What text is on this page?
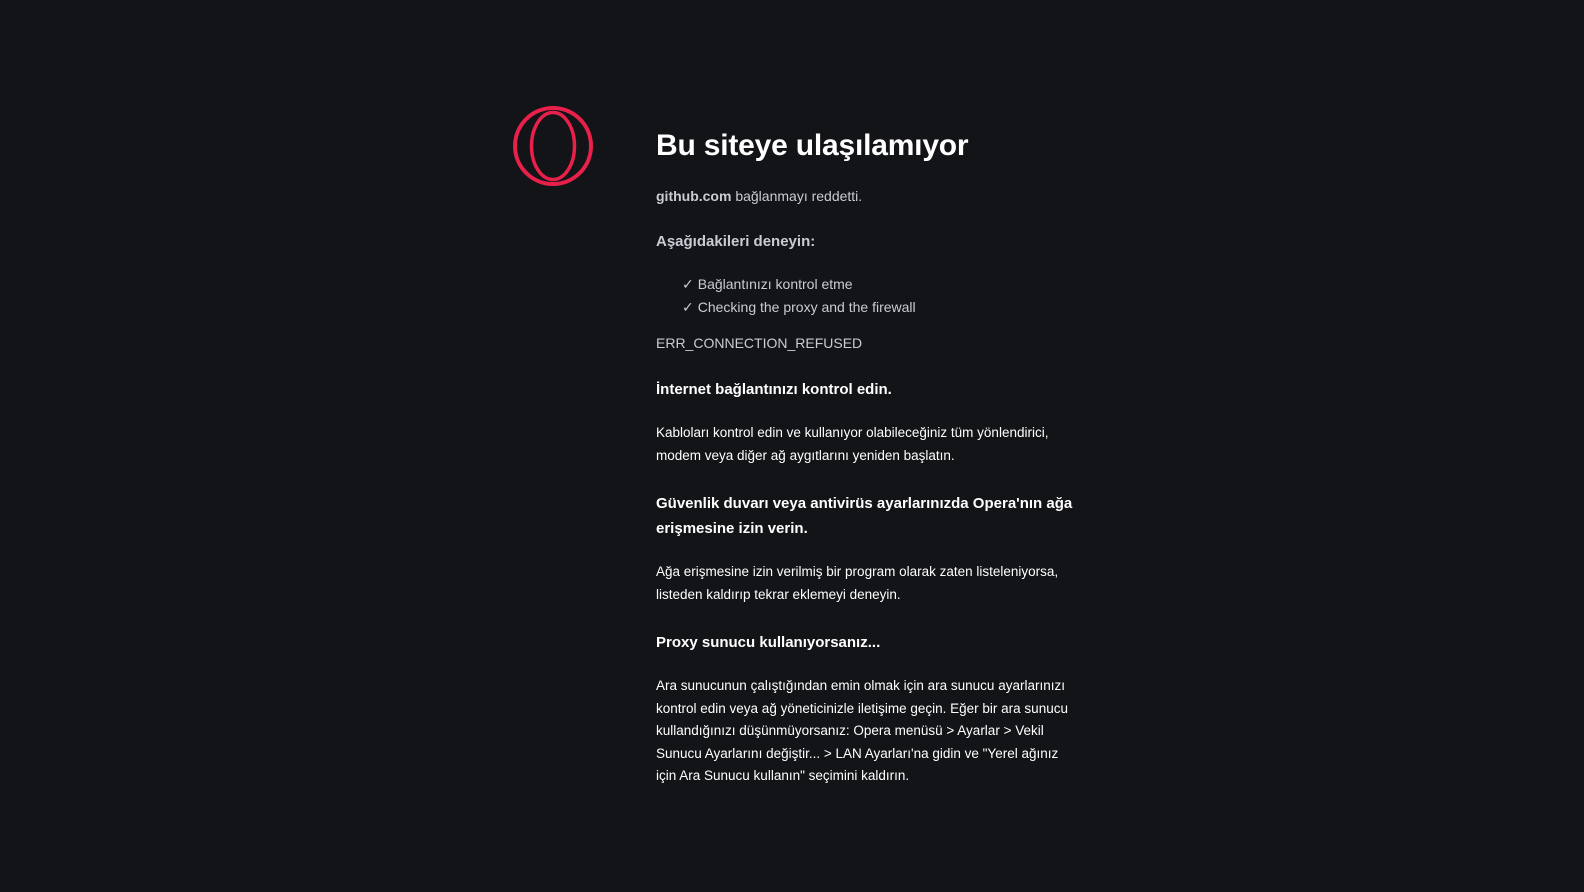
Bu siteye ulaşılamıyor

github.com bağlanmayı reddetti.

Aşağıdakileri deneyin:

✓ Bağlantınızı kontrol etme
✓ Checking the proxy and the firewall

ERR_CONNECTION_REFUSED

İnternet bağlantınızı kontrol edin.

Kabloları kontrol edin ve kullanıyor olabileceğiniz tüm yönlendirici, modem veya diğer ağ aygıtlarını yeniden başlatın.

Güvenlik duvarı veya antivirüs ayarlarınızda Opera'nın ağa erişmesine izin verin.

Ağa erişmesine izin verilmiş bir program olarak zaten listeleniyorsa, listeden kaldırıp tekrar eklemeyi deneyin.

Proxy sunucu kullanıyorsanız...

Ara sunucunun çalıştığından emin olmak için ara sunucu ayarlarınızı kontrol edin veya ağ yöneticinizle iletişime geçin. Eğer bir ara sunucu kullandığınızı düşünmüyorsanız: Opera menüsü > Ayarlar > Vekil Sunucu Ayarlarını değiştir... > LAN Ayarları'na gidin ve "Yerel ağınız için Ara Sunucu kullanın" seçimini kaldırın.
